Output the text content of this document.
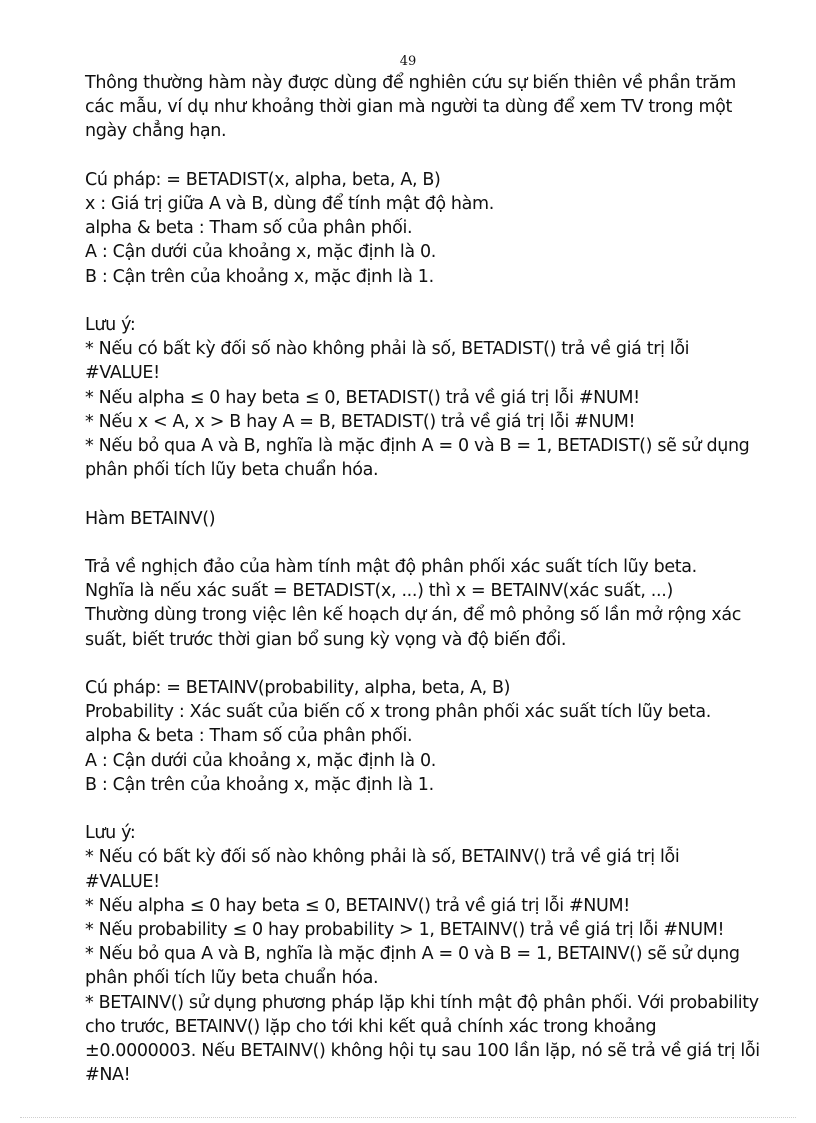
49

Thông thường hàm này được dùng để nghiên cứu sự biến thiên về phần trăm

các mẫu, ví dụ như khoảng thời gian mà người ta dùng để xem TV trong một

ngày chẳng hạn.

Cú pháp: = BETADIST(x, alpha, beta, A, B)

x : Giá trị giữa A và B, dùng để tính mật độ hàm.

alpha & beta : Tham số của phân phối.

A : Cận dưới của khoảng x, mặc định là 0.

B : Cận trên của khoảng x, mặc định là 1.

Lưu ý:

* Nếu có bất kỳ đối số nào không phải là số, BETADIST() trả về giá trị lỗi

#VALUE!

* Nếu alpha ≤ 0 hay beta ≤ 0, BETADIST() trả về giá trị lỗi #NUM!

* Nếu x < A, x > B hay A = B, BETADIST() trả về giá trị lỗi #NUM!

* Nếu bỏ qua A và B, nghĩa là mặc định A = 0 và B = 1, BETADIST() sẽ sử dụng

phân phối tích lũy beta chuẩn hóa.

Hàm BETAINV()

Trả về nghịch đảo của hàm tính mật độ phân phối xác suất tích lũy beta.

Nghĩa là nếu xác suất = BETADIST(x, ...) thì x = BETAINV(xác suất, ...)

Thường dùng trong việc lên kế hoạch dự án, để mô phỏng số lần mở rộng xác

suất, biết trước thời gian bổ sung kỳ vọng và độ biến đổi.

Cú pháp: = BETAINV(probability, alpha, beta, A, B)

Probability : Xác suất của biến cố x trong phân phối xác suất tích lũy beta.

alpha & beta : Tham số của phân phối.

A : Cận dưới của khoảng x, mặc định là 0.

B : Cận trên của khoảng x, mặc định là 1.

Lưu ý:

* Nếu có bất kỳ đối số nào không phải là số, BETAINV() trả về giá trị lỗi

#VALUE!

* Nếu alpha ≤ 0 hay beta ≤ 0, BETAINV() trả về giá trị lỗi #NUM!

* Nếu probability ≤ 0 hay probability > 1, BETAINV() trả về giá trị lỗi #NUM!

* Nếu bỏ qua A và B, nghĩa là mặc định A = 0 và B = 1, BETAINV() sẽ sử dụng

phân phối tích lũy beta chuẩn hóa.

* BETAINV() sử dụng phương pháp lặp khi tính mật độ phân phối. Với probability

cho trước, BETAINV() lặp cho tới khi kết quả chính xác trong khoảng

±0.0000003. Nếu BETAINV() không hội tụ sau 100 lần lặp, nó sẽ trả về giá trị lỗi

#NA!
